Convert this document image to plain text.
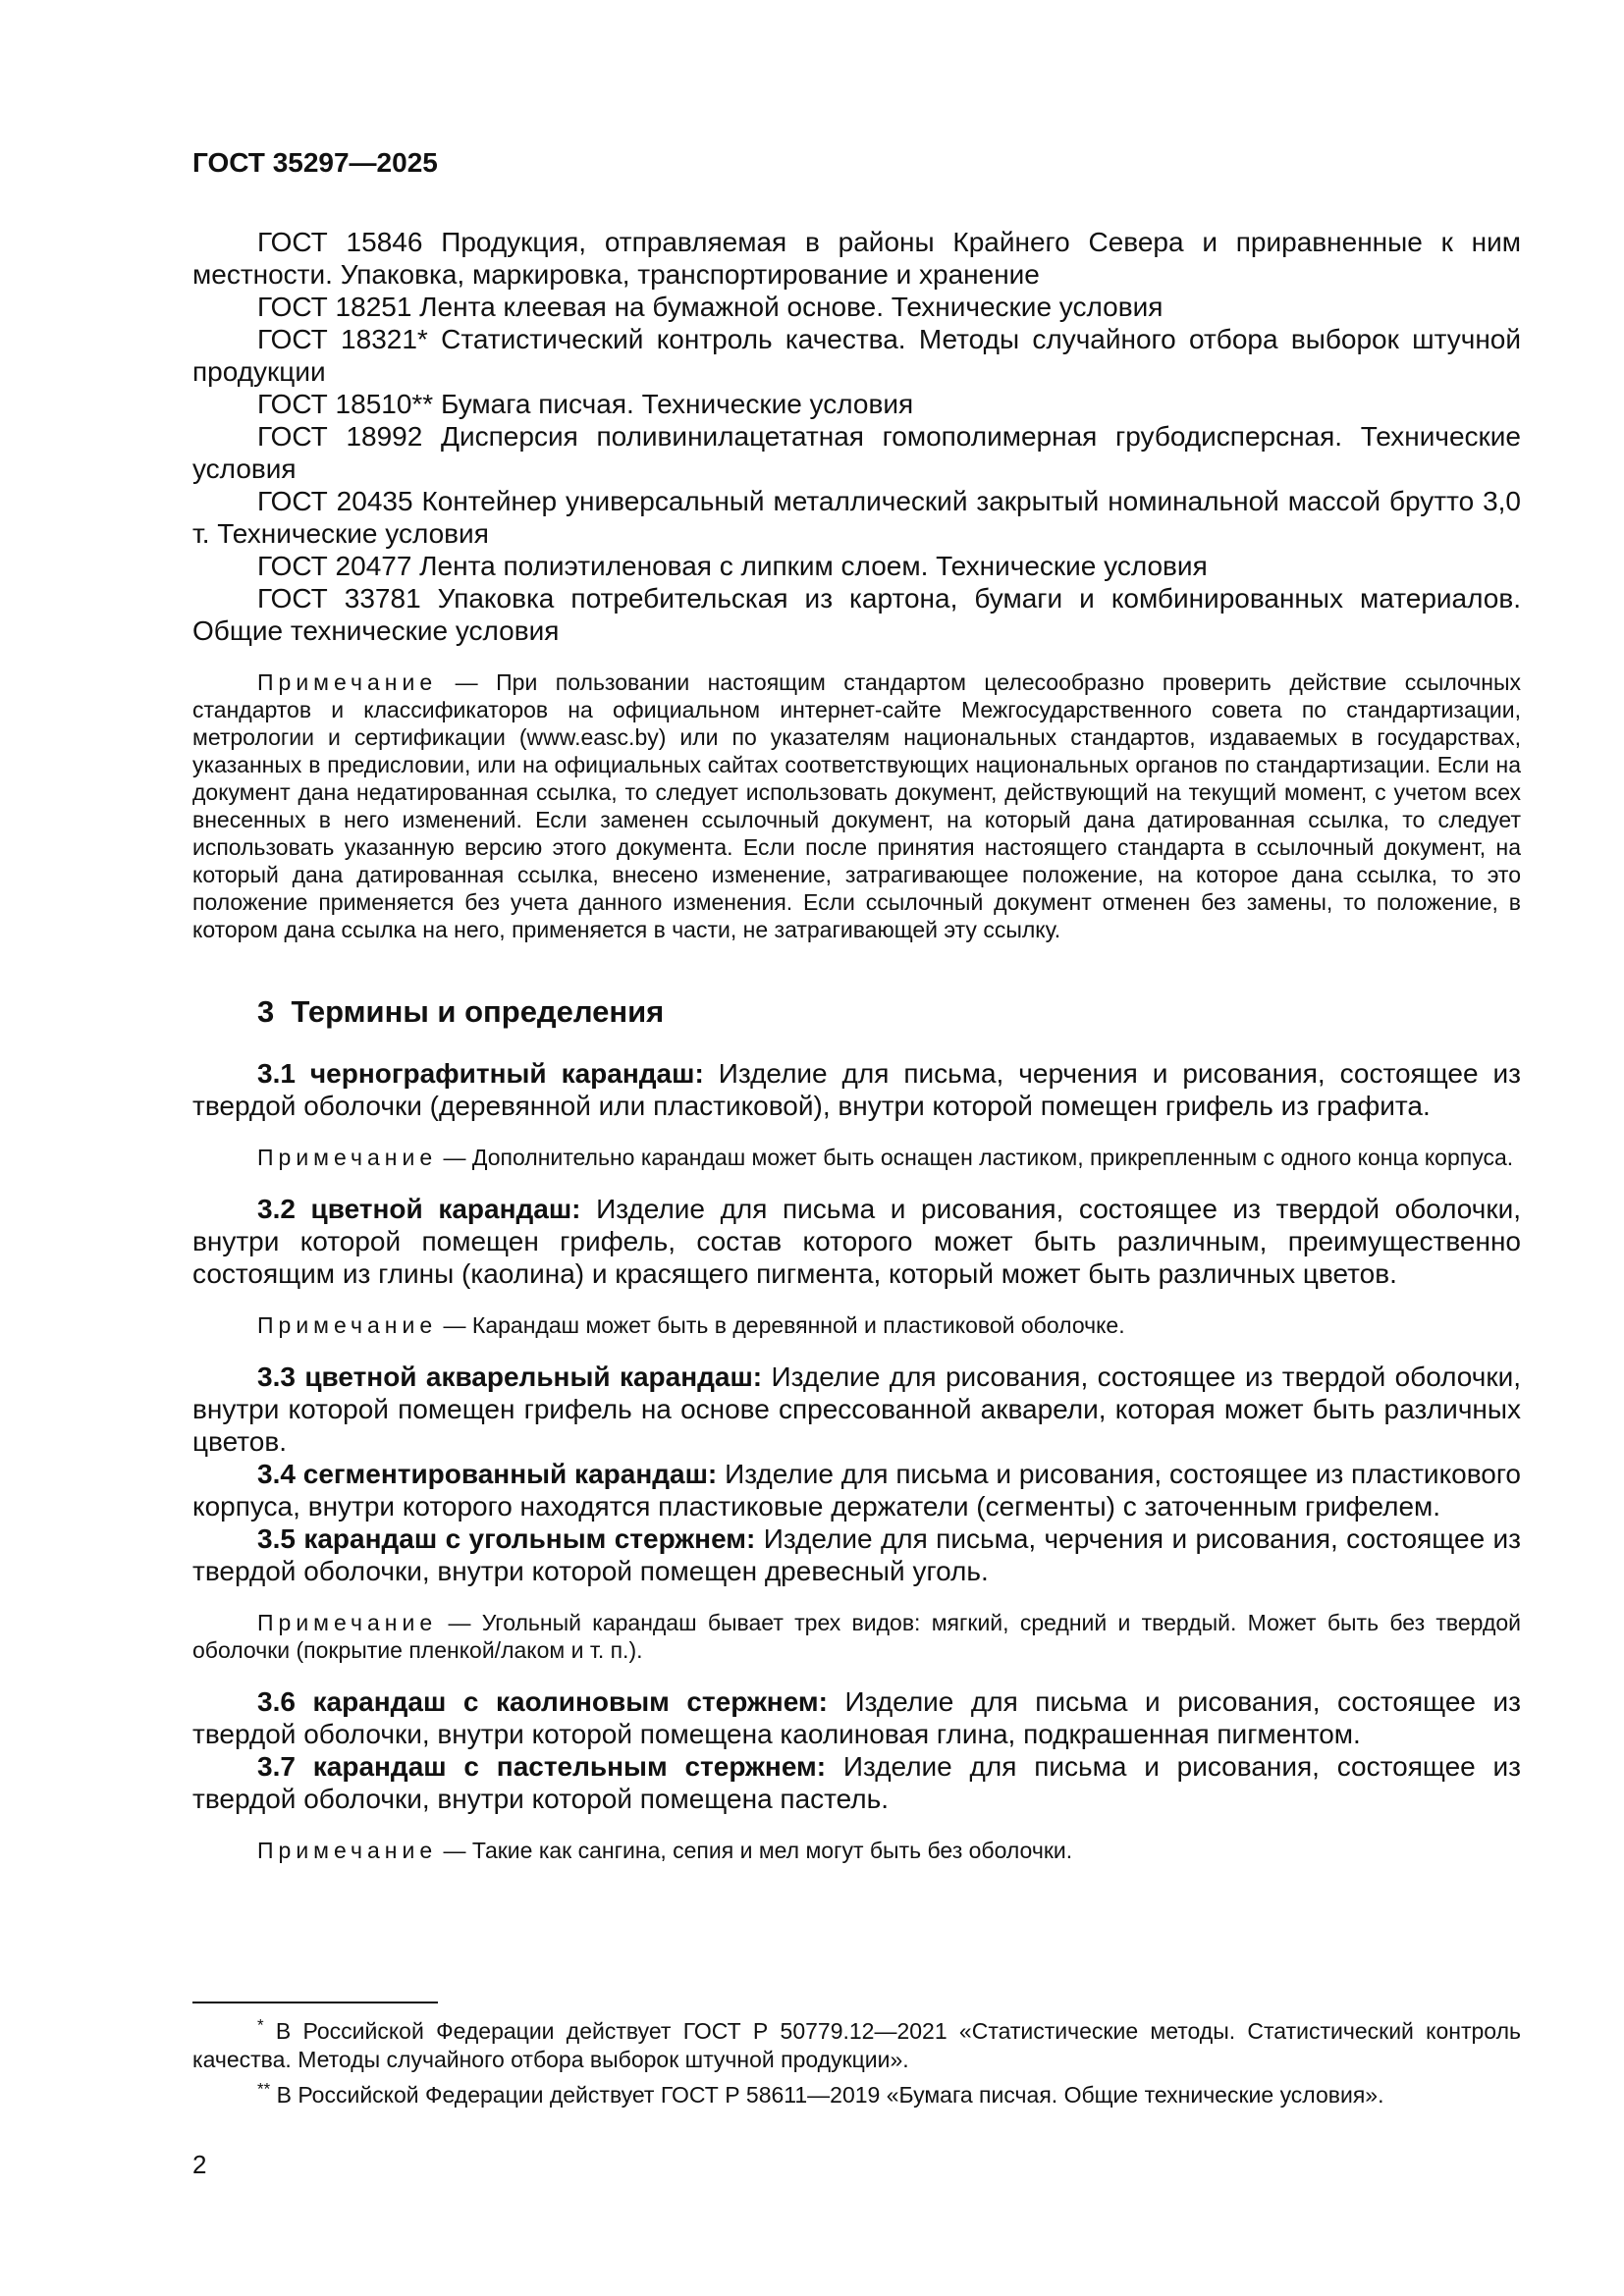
ГОСТ 35297—2025

ГОСТ 15846 Продукция, отправляемая в районы Крайнего Севера и приравненные к ним местности. Упаковка, маркировка, транспортирование и хранение

ГОСТ 18251 Лента клеевая на бумажной основе. Технические условия

ГОСТ 18321* Статистический контроль качества. Методы случайного отбора выборок штучной продукции

ГОСТ 18510** Бумага писчая. Технические условия

ГОСТ 18992 Дисперсия поливинилацетатная гомополимерная грубодисперсная. Технические условия

ГОСТ 20435 Контейнер универсальный металлический закрытый номинальной массой брутто 3,0 т. Технические условия

ГОСТ 20477 Лента полиэтиленовая с липким слоем. Технические условия

ГОСТ 33781 Упаковка потребительская из картона, бумаги и комбинированных материалов. Общие технические условия

Примечание — При пользовании настоящим стандартом целесообразно проверить действие ссылочных стандартов и классификаторов на официальном интернет-сайте Межгосударственного совета по стандартизации, метрологии и сертификации (www.easc.by) или по указателям национальных стандартов, издаваемых в государствах, указанных в предисловии, или на официальных сайтах соответствующих национальных органов по стандартизации. Если на документ дана недатированная ссылка, то следует использовать документ, действующий на текущий момент, с учетом всех внесенных в него изменений. Если заменен ссылочный документ, на который дана датированная ссылка, то следует использовать указанную версию этого документа. Если после принятия настоящего стандарта в ссылочный документ, на который дана датированная ссылка, внесено изменение, затрагивающее положение, на которое дана ссылка, то это положение применяется без учета данного изменения. Если ссылочный документ отменен без замены, то положение, в котором дана ссылка на него, применяется в части, не затрагивающей эту ссылку.
3  Термины и определения

3.1 чернографитный карандаш: Изделие для письма, черчения и рисования, состоящее из твердой оболочки (деревянной или пластиковой), внутри которой помещен грифель из графита.

Примечание — Дополнительно карандаш может быть оснащен ластиком, прикрепленным с одного конца корпуса.

3.2 цветной карандаш: Изделие для письма и рисования, состоящее из твердой оболочки, внутри которой помещен грифель, состав которого может быть различным, преимущественно состоящим из глины (каолина) и красящего пигмента, который может быть различных цветов.

Примечание — Карандаш может быть в деревянной и пластиковой оболочке.

3.3 цветной акварельный карандаш: Изделие для рисования, состоящее из твердой оболочки, внутри которой помещен грифель на основе спрессованной акварели, которая может быть различных цветов.

3.4 сегментированный карандаш: Изделие для письма и рисования, состоящее из пластикового корпуса, внутри которого находятся пластиковые держатели (сегменты) с заточенным грифелем.

3.5 карандаш с угольным стержнем: Изделие для письма, черчения и рисования, состоящее из твердой оболочки, внутри которой помещен древесный уголь.

Примечание — Угольный карандаш бывает трех видов: мягкий, средний и твердый. Может быть без твердой оболочки (покрытие пленкой/лаком и т. п.).

3.6 карандаш с каолиновым стержнем: Изделие для письма и рисования, состоящее из твердой оболочки, внутри которой помещена каолиновая глина, подкрашенная пигментом.

3.7 карандаш с пастельным стержнем: Изделие для письма и рисования, состоящее из твердой оболочки, внутри которой помещена пастель.

Примечание — Такие как сангина, сепия и мел могут быть без оболочки.

* В Российской Федерации действует ГОСТ Р 50779.12—2021 «Статистические методы. Статистический контроль качества. Методы случайного отбора выборок штучной продукции».

** В Российской Федерации действует ГОСТ Р 58611—2019 «Бумага писчая. Общие технические условия».

2
